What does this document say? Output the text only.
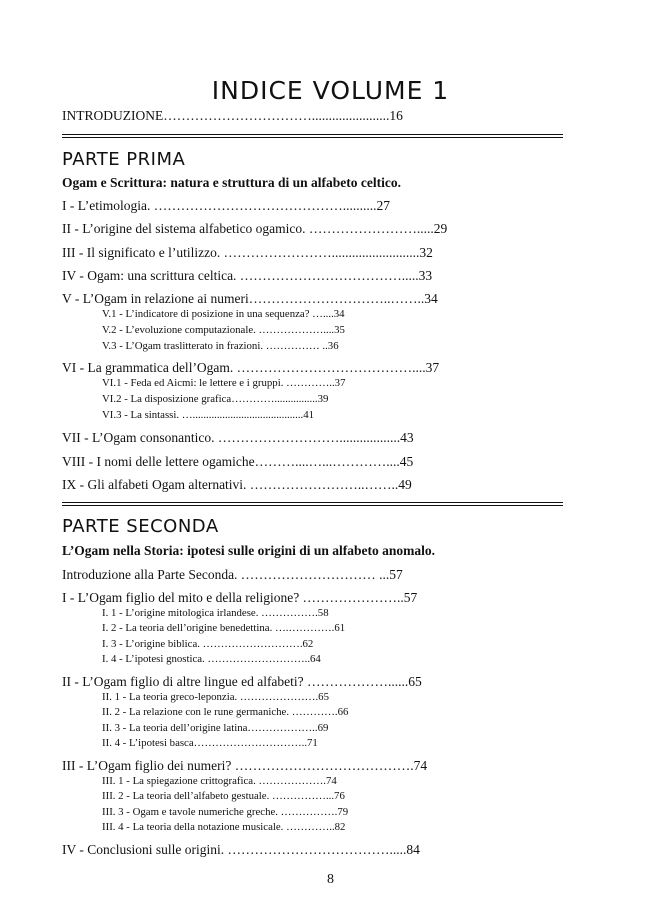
INDICE VOLUME 1
INTRODUZIONE…………………………….......................16
PARTE PRIMA
Ogam e Scrittura: natura e struttura di un alfabeto celtico.
I - L’etimologia. ……………………………………..........27
II - L’origine del sistema alfabetico ogamico. …………………….....29
III - Il significato e l’utilizzo. ……………………..........................32
IV - Ogam: una scrittura celtica. ……………………………….....33
V - L’Ogam in relazione ai numeri…………………………..……..34
V.1 - L’indicatore di posizione in una sequenza? …....34
V.2 - L’evoluzione computazionale. ………………....35
V.3 - L’Ogam traslitterato in frazioni. …………… ..36
VI - La grammatica dell’Ogam. …………………………………....37
VI.1 - Feda ed Aicmi: le lettere e i gruppi. …………..37
VI.2 - La disposizione grafica…………................39
VI.3 - La sintassi. ….........................................41
VII - L’Ogam consonantico. ………………………..................43
VIII - I nomi delle lettere ogamiche………....…...…………....45
IX - Gli alfabeti Ogam alternativi. ……………………..……..49
PARTE SECONDA
L’Ogam nella Storia: ipotesi sulle origini di un alfabeto anomalo.
Introduzione alla Parte Seconda. ………………………… ...57
I - L’Ogam figlio del mito e della religione? …………………..57
I. 1 - L’origine mitologica irlandese. …………….58
I. 2 - La teoria dell’origine benedettina. ….………….61
I. 3 - L’origine biblica. ……………………….62
I. 4 - L’ipotesi gnostica. ………………………..64
II - L’Ogam figlio di altre lingue ed alfabeti? ………………......65
II. 1 - La teoria greco-leponzia. ………………….65
II. 2 - La relazione con le rune germaniche. ………….66
II. 3 - La teoria dell’origine latina………………..69
II. 4 - L’ipotesi basca…………………………..71
III - L’Ogam figlio dei numeri? ………………………………….74
III. 1 - La spiegazione crittografica. ……………….74
III. 2 - La teoria dell’alfabeto gestuale. ……………...76
III. 3 - Ogam e tavole numeriche greche. …………….79
III. 4 - La teoria della notazione musicale. …………..82
IV - Conclusioni sulle origini. ……………………………….....84
8
